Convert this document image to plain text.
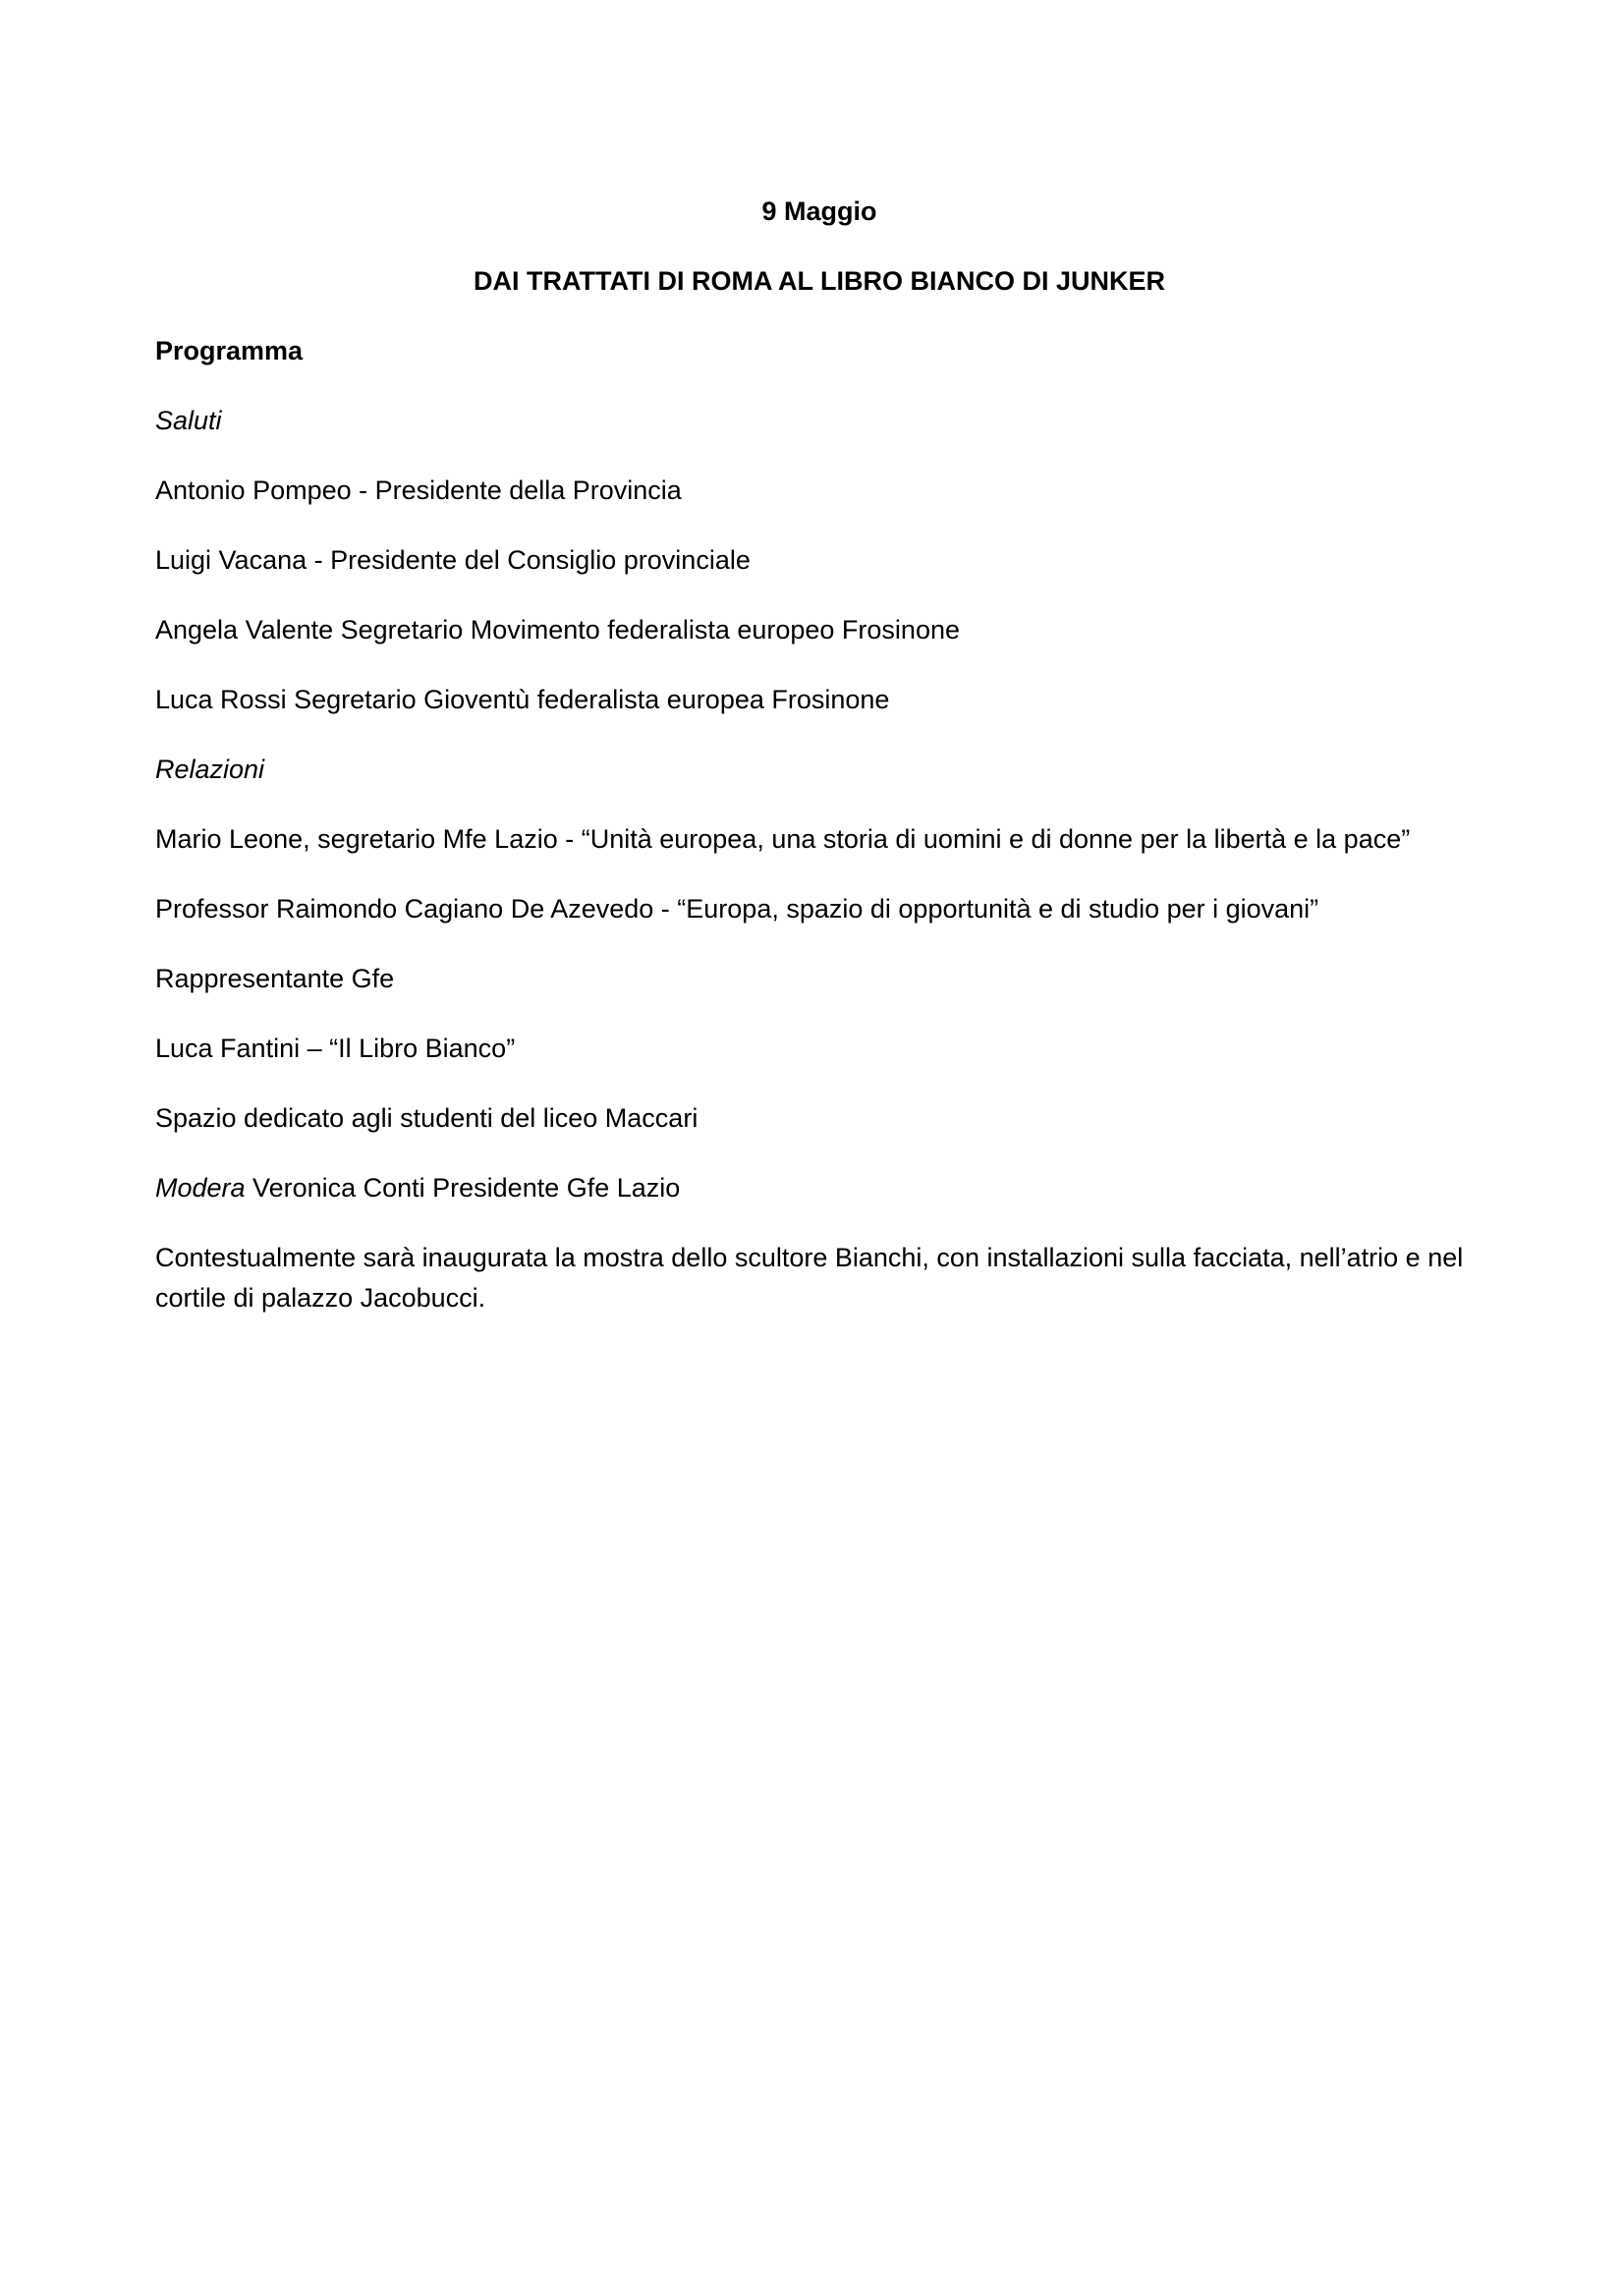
9 Maggio

DAI TRATTATI DI ROMA AL LIBRO BIANCO DI JUNKER

Programma

Saluti

Antonio Pompeo - Presidente della Provincia

Luigi Vacana - Presidente del Consiglio provinciale

Angela Valente Segretario Movimento federalista europeo Frosinone

Luca Rossi Segretario Gioventù federalista europea Frosinone

Relazioni

Mario Leone, segretario Mfe Lazio - “Unità europea, una storia di uomini e di donne per la libertà e la pace”

Professor Raimondo Cagiano De Azevedo - “Europa, spazio di opportunità e di studio per i giovani”

Rappresentante Gfe

Luca Fantini – “Il Libro Bianco”

Spazio dedicato agli studenti del liceo Maccari

Modera Veronica Conti Presidente Gfe Lazio

Contestualmente sarà inaugurata la mostra dello scultore Bianchi, con installazioni sulla facciata, nell’atrio e nel cortile di palazzo Jacobucci.
